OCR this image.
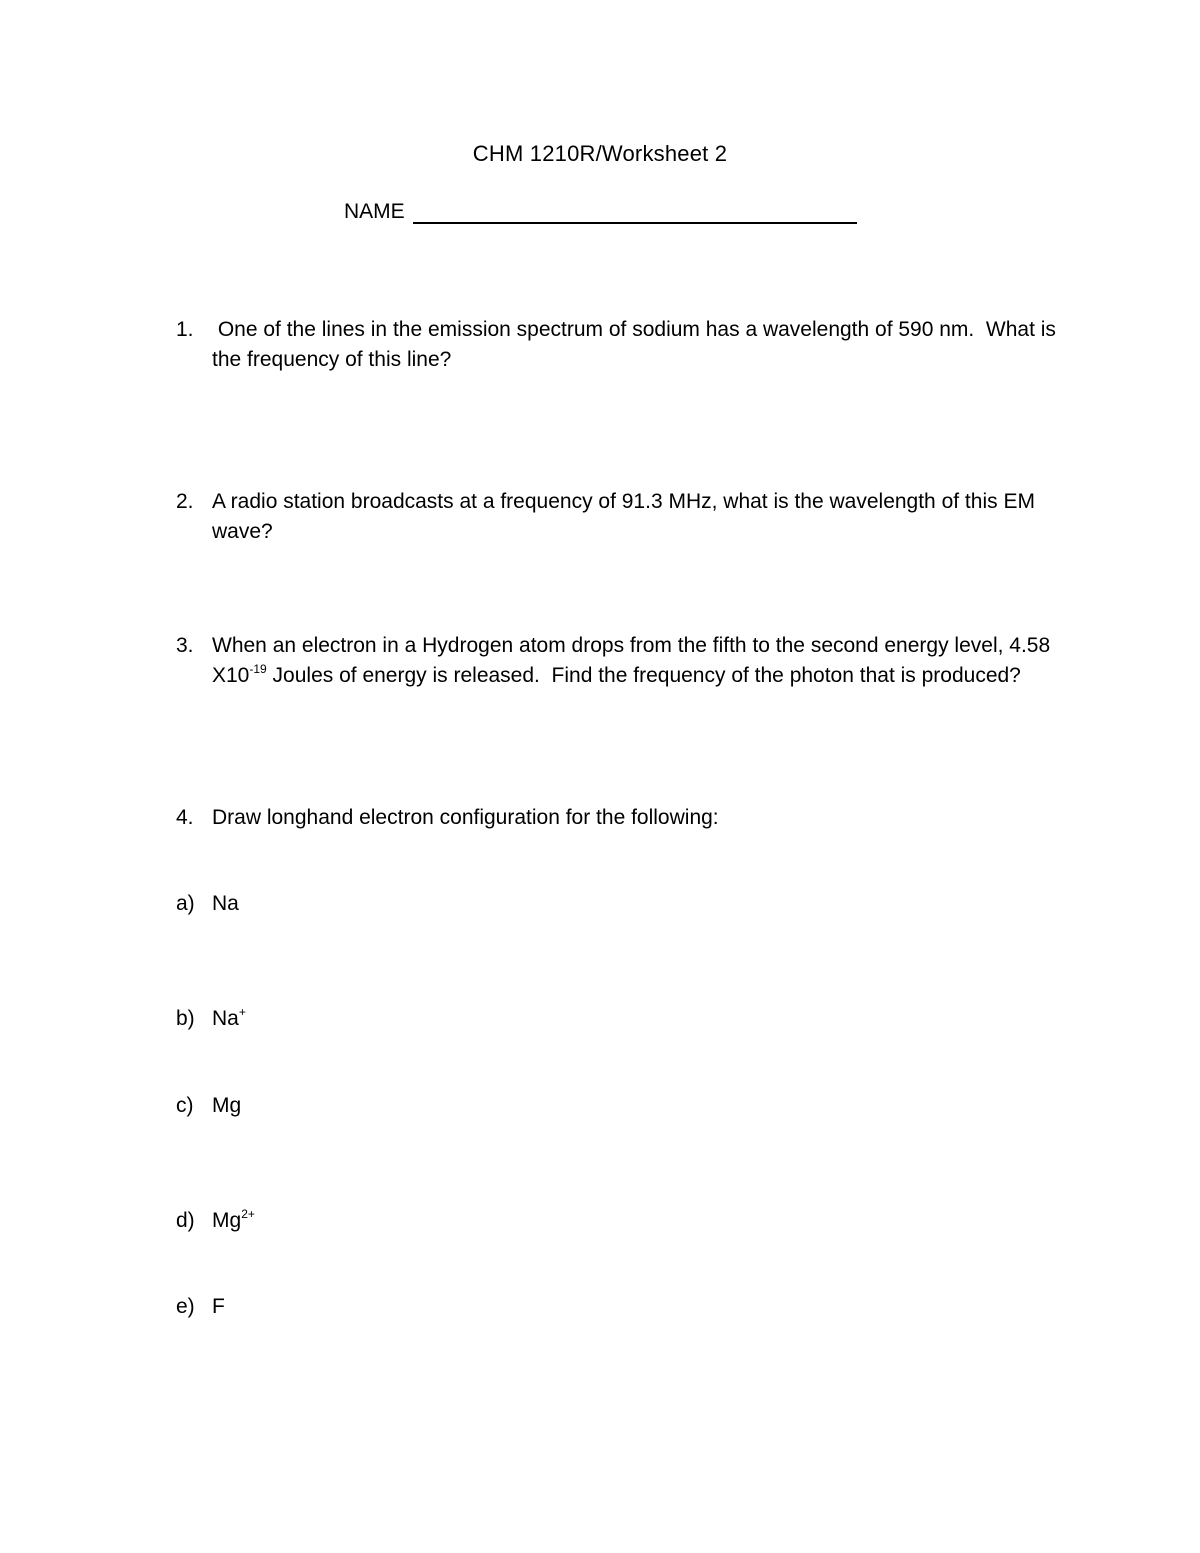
CHM 1210R/Worksheet 2
NAME
1. One of the lines in the emission spectrum of sodium has a wavelength of 590 nm.  What is the frequency of this line?
2. A radio station broadcasts at a frequency of 91.3 MHz, what is the wavelength of this EM wave?
3. When an electron in a Hydrogen atom drops from the fifth to the second energy level, 4.58 $X10^{-19}$ Joules of energy is released.  Find the frequency of the photon that is produced?
4. Draw longhand electron configuration for the following:
a) Na
b) Na+
c) Mg
d) $Mg^{2+}$
e) F
